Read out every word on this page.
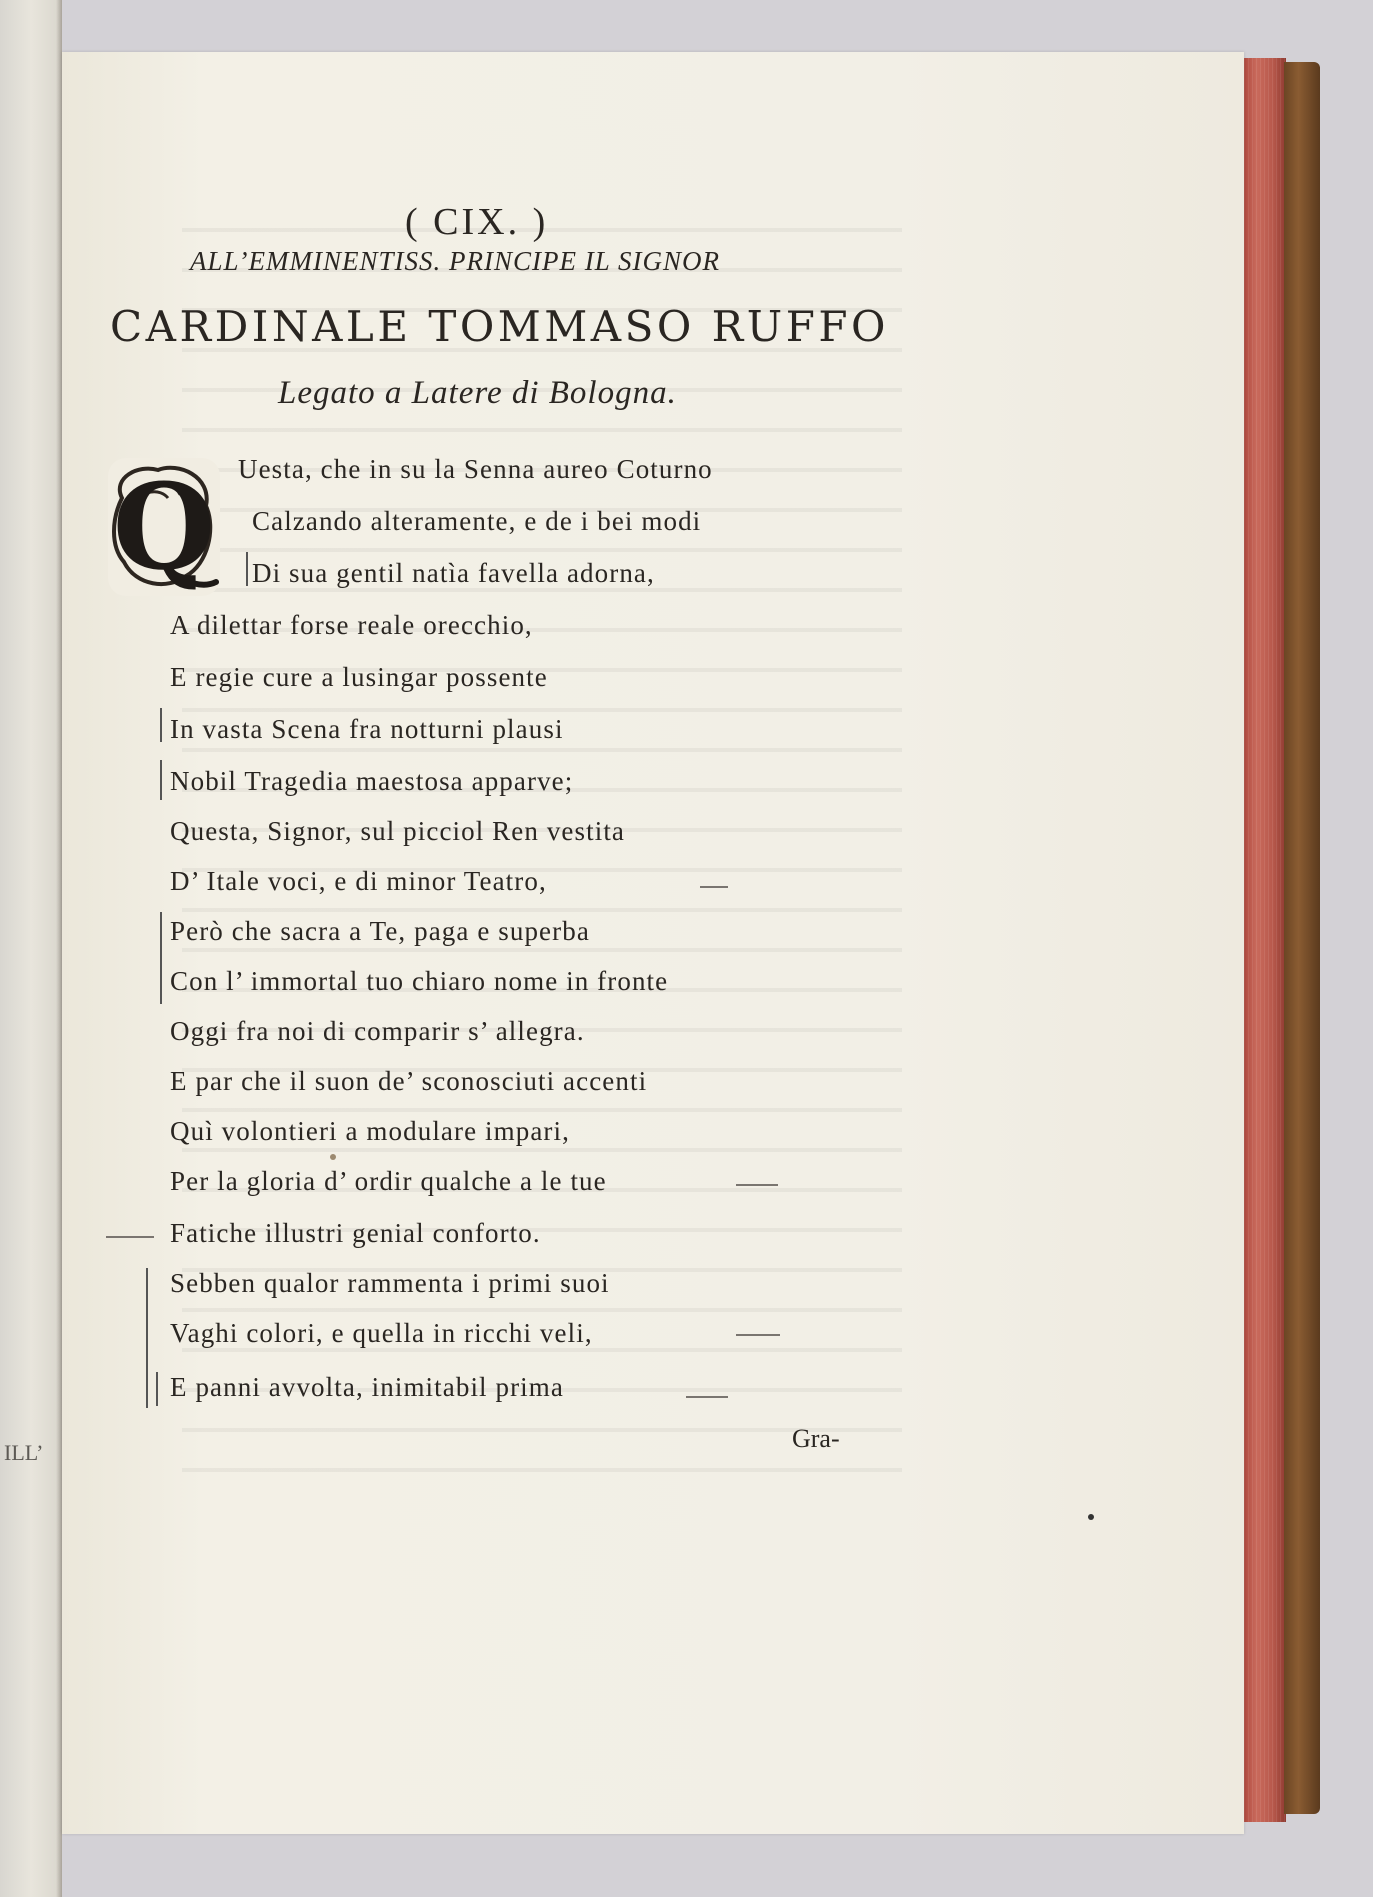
ILL’
( CIX. )
ALL’EMMINENTISS. PRINCIPE IL SIGNOR
CARDINALE TOMMASO RUFFO
Legato a Latere di Bologna.
Q Uesta, che in su la Senna aureo Coturno
Calzando alteramente, e de i bei modi
Di sua gentil natìa favella adorna,
A dilettar forse reale orecchio,
E regie cure a lusingar possente
In vasta Scena fra notturni plausi
Nobil Tragedia maestosa apparve;
Questa, Signor, sul picciol Ren vestita
D’ Itale voci, e di minor Teatro,
Però che sacra a Te, paga e superba
Con l’ immortal tuo chiaro nome in fronte
Oggi fra noi di comparir s’ allegra.
E par che il suon de’ sconosciuti accenti
Quì volontieri a modulare impari,
Per la gloria d’ ordir qualche a le tue
Fatiche illustri genial conforto.
Sebben qualor rammenta i primi suoi
Vaghi colori, e quella in ricchi veli,
E panni avvolta, inimitabil prima
Gra-
